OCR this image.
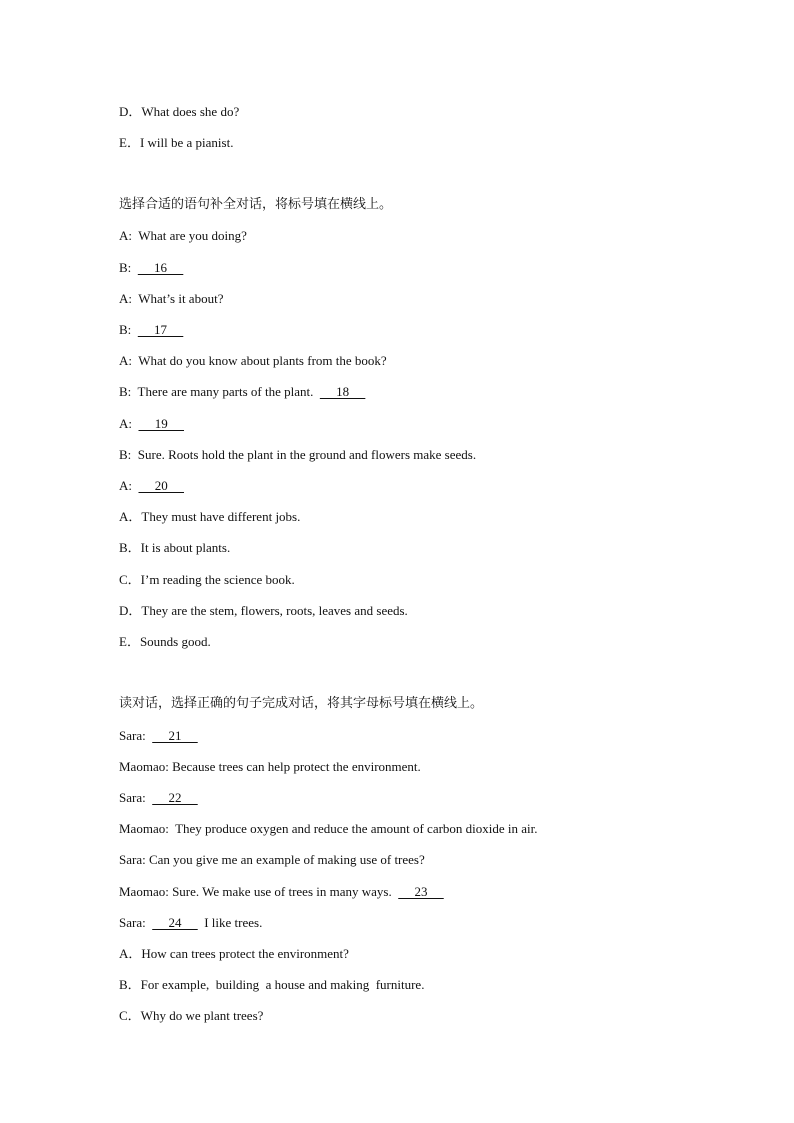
D．What does she do?
E．I will be a pianist.
选择合适的语句补全对话，将标号填在横线上。
A:  What are you doing?
B:       16
A:  What’s it about?
B:       17
A:  What do you know about plants from the book?
B:  There are many parts of the plant.       18
A:       19
B:  Sure. Roots hold the plant in the ground and flowers make seeds.
A:       20
A．They must have different jobs.
B．It is about plants.
C．I’m reading the science book.
D．They are the stem, flowers, roots, leaves and seeds.
E．Sounds good.
读对话，选择正确的句子完成对话，将其字母标号填在横线上。
Sara:       21
Maomao: Because trees can help protect the environment.
Sara:       22
Maomao:  They produce oxygen and reduce the amount of carbon dioxide in air.
Sara: Can you give me an example of making use of trees?
Maomao: Sure. We make use of trees in many ways.       23
Sara:       24       I like trees.
A．How can trees protect the environment?
B．For example,  building  a house and making  furniture.
C．Why do we plant trees?
